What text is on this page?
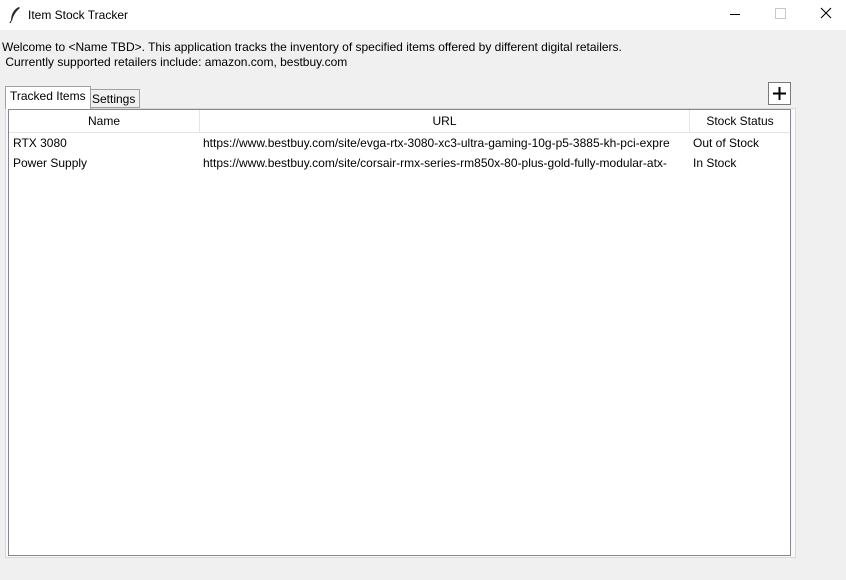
Item Stock Tracker
Welcome to <Name TBD>. This application tracks the inventory of specified items offered by different digital retailers.
Currently supported retailers include: amazon.com, bestbuy.com
Tracked Items Settings
Name	URL	Stock Status
RTX 3080	https://www.bestbuy.com/site/evga-rtx-3080-xc3-ultra-gaming-10g-p5-3885-kh-pci-expre	Out of Stock
Power Supply	https://www.bestbuy.com/site/corsair-rmx-series-rm850x-80-plus-gold-fully-modular-atx-	In Stock
